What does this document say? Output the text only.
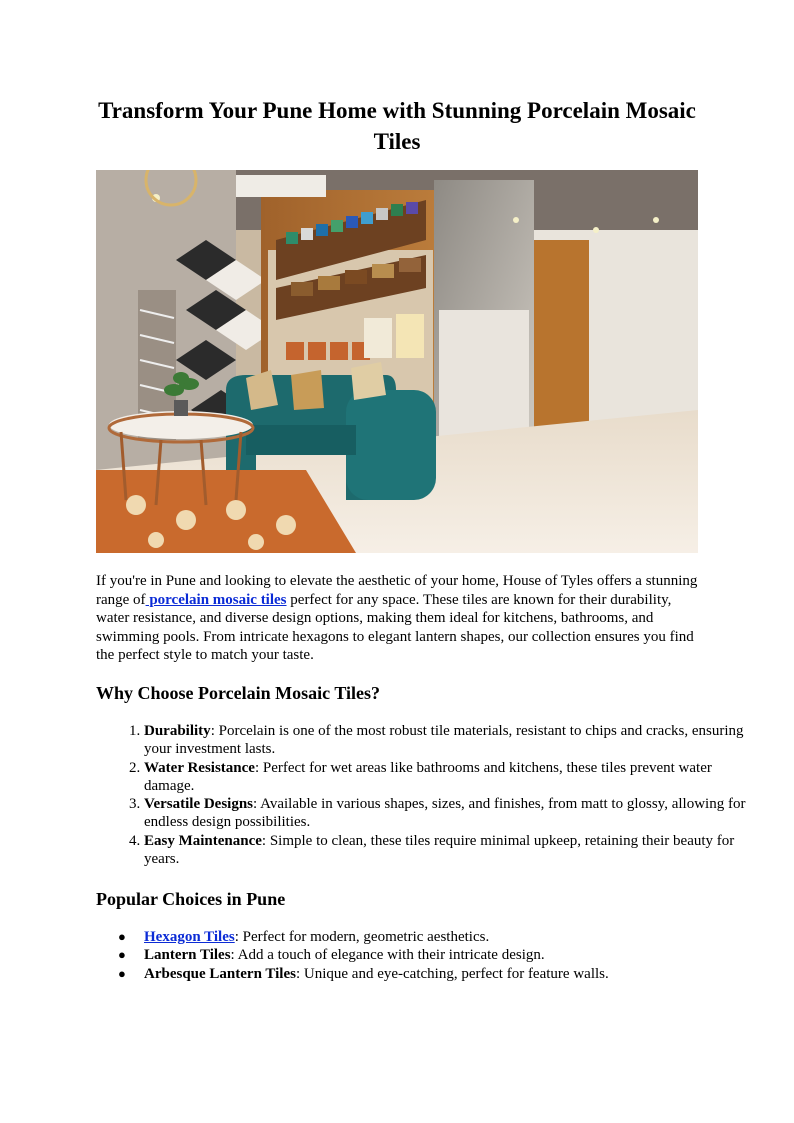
Transform Your Pune Home with Stunning Porcelain Mosaic Tiles

If you're in Pune and looking to elevate the aesthetic of your home, House of Tyles offers a stunning range of porcelain mosaic tiles perfect for any space. These tiles are known for their durability, water resistance, and diverse design options, making them ideal for kitchens, bathrooms, and swimming pools. From intricate hexagons to elegant lantern shapes, our collection ensures you find the perfect style to match your taste.

Why Choose Porcelain Mosaic Tiles?
1. Durability: Porcelain is one of the most robust tile materials, resistant to chips and cracks, ensuring your investment lasts.
2. Water Resistance: Perfect for wet areas like bathrooms and kitchens, these tiles prevent water damage.
3. Versatile Designs: Available in various shapes, sizes, and finishes, from matt to glossy, allowing for endless design possibilities.
4. Easy Maintenance: Simple to clean, these tiles require minimal upkeep, retaining their beauty for years.
Popular Choices in Pune
● Hexagon Tiles: Perfect for modern, geometric aesthetics.
● Lantern Tiles: Add a touch of elegance with their intricate design.
● Arbesque Lantern Tiles: Unique and eye-catching, perfect for feature walls.
